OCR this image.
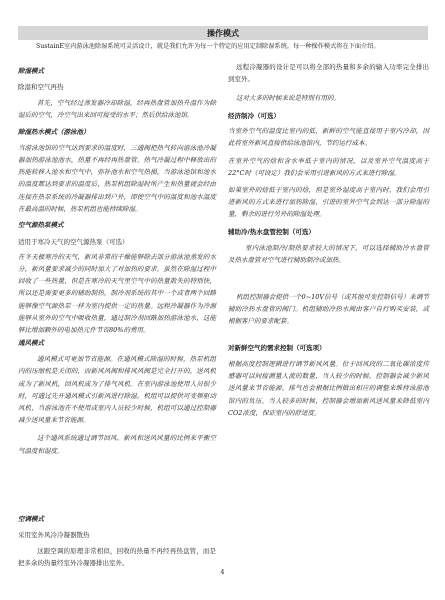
操作模式

SustainE室内游泳池除湿系统可灵活设计，就是我们允许为每一个特定的应用定制除湿系统。每一种操作模式将在下面介绍。

除湿模式
除湿和空气再热

首先，空气经过蒸发器冷却除湿，经再热盘管加热升温作为除湿后的空气，冷空气出来回可接受的水平；然后供给泳池馆。

除湿热水模式（游泳池）

当游泳池馆的空气达到要求的温度时，三通阀把热气转向游泳池冷凝器加热游泳池池水，热量不再经再热盘管。热气冷凝过程中释放出的热能转移入池水和空气中，弥补池水和空气热损。当游泳池馆和池水的温度都达到要求的温度后，热泵机组除湿时所产生和热量就会经由连接在热泵系统的冷凝器排出到户外，即使空气中的温度和池水温度在最高温的时候，热泵机组也能持续除湿。

空气源热泵模式
适用于寒冷天气的空气源热泵（可选）

在冬天极寒冷的天气，新风非常的干燥能够除去部分游泳池蒸发的水分，新风量要求减少的同时加大了对加热的要求。虽然在除湿过程中回收了一些热量，但是在寒冷的天气里空气中的热量散失的特别快，所以还是需要更多的辅助制热。制冷剂系统的其中一个或者两个回路能够像空气源热泵一样为室内提供一定的热量。远程冷凝器作为冷源能够从室外的空气中吸收热量，通过制冷剂回路加热游泳池水，这能够比增加额外的电加热元件节省80%的费用。

通风模式

通风模式可更加节省能源。在通风模式除湿的时候，热泵机组内的压缩机是关闭的，而新风风阀和排风风阀是完全打开的，送风机成为了新风机，回风机成为了排气风机。在室内游泳池使用人员很少时，可通过先开通风模式引新风进行除湿，机组可以提供可变频驱动风机，当游泳池在不使用或室内人员较少时候，机组可以通过控制器减少送风量来节省能源。

这个通风系统通过调节回风、新风和送风风量的比例来平衡空气温度和湿度。

空调模式
采用室外风冷冷凝器散热

这跟空调的原理非常相似，回收的热量不再经再热盘管，而是把多余的热量经室外冷凝器排出室外。

远程冷凝器的设计是可以将全部的热量和多余的输入功率完全排出到室外。

这对大多的时候来说是特别有用的。

经济制冷（可选）

当室外空气的温度比室内的低，新鲜的空气能直接用于室内冷却，因此将室外新风直接供给泳池馆内，节约运行成本。

在室外空气的焓和含水率低于室内的情况，以及室外空气温度高于22°C时（可设定）我们会采用引进新风的方式来进行除湿。

如果室外的焓低于室内的焓，但是室外湿度高于室内时，我们会用引进新风的方式来进行加热除湿，引进的室外空气会到达一部分除湿的量，剩余的进行另外的除湿处理。

辅助冷/热水盘管控制（可选）

室内泳池制冷/制热要求较大的情况下，可以选择辅助冷水盘管及热水盘管对空气进行辅助制冷或加热。

机组控制器会提供一个0~10V信号（或其他可变控制信号）来调节辅助冷热水盘管的阀门。机组辅助冷热水阀由客户自行购买安装，或根据客户的要求配套。

对新鲜空气的需求控制（可选项）

根据高度控制逻辑进行调节新风风量。位于回风段的二氧化碳浓度传感器可以间接测量人流的数量，当人较少的时候，控制器会减少新风送风量来节省能源。排气也会根据比例做出相应的调整来维持泳游池馆内的负压。当人较多的时候，控制器会增加新风送风量来降低室内CO2浓度，保证室内的舒适度。

4
